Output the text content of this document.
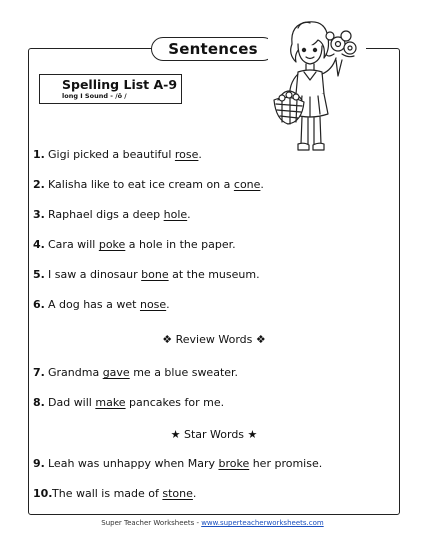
Sentences
Spelling List A-9
long I Sound - /ō /
1. Gigi picked a beautiful rose.
2. Kalisha like to eat ice cream on a cone.
3. Raphael digs a deep hole.
4. Cara will poke a hole in the paper.
5. I saw a dinosaur bone at the museum.
6. A dog has a wet nose.
❖ Review Words ❖
7. Grandma gave me a blue sweater.
8. Dad will make pancakes for me.
★ Star Words ★
9. Leah was unhappy when Mary broke her promise.
10.The wall is made of stone.
Super Teacher Worksheets - www.superteacherworksheets.com
